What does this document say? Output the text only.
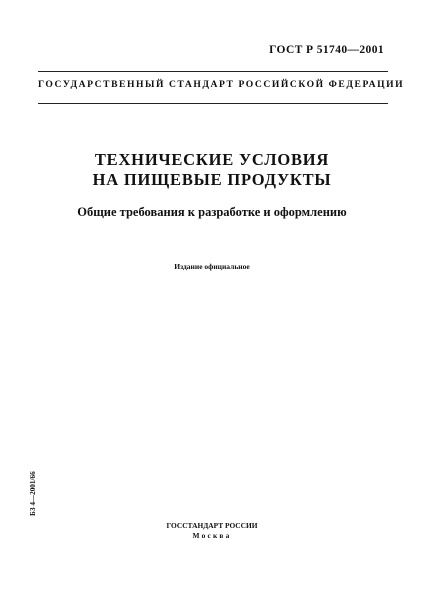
ГОСТ Р 51740—2001
ГОСУДАРСТВЕННЫЙ СТАНДАРТ РОССИЙСКОЙ ФЕДЕРАЦИИ
ТЕХНИЧЕСКИЕ УСЛОВИЯ
НА ПИЩЕВЫЕ ПРОДУКТЫ
Общие требования к разработке и оформлению
Издание официальное
БЗ 4—2001/66
ГОССТАНДАРТ РОССИИ
Москва
